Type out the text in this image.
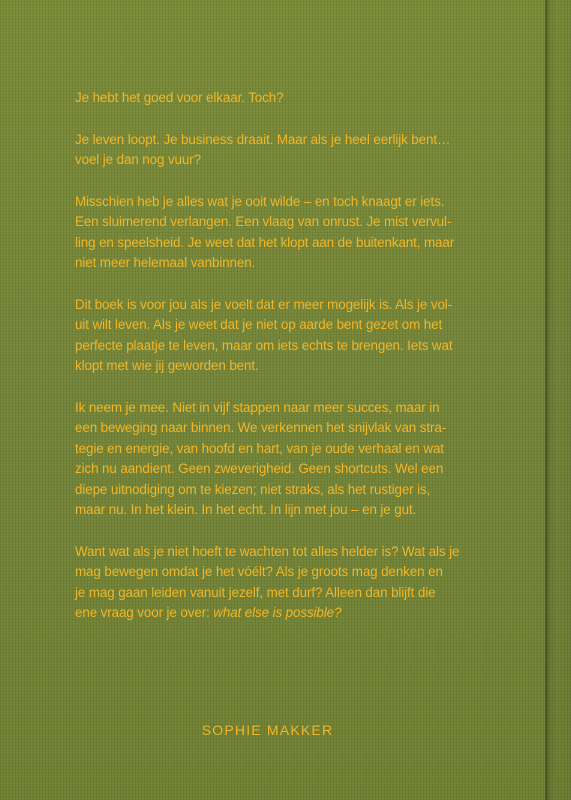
Je hebt het goed voor elkaar. Toch?

Je leven loopt. Je business draait. Maar als je heel eerlijk bent…
voel je dan nog vuur?

Misschien heb je alles wat je ooit wilde – en toch knaagt er iets.
Een sluimerend verlangen. Een vlaag van onrust. Je mist vervul-
ling en speelsheid. Je weet dat het klopt aan de buitenkant, maar
niet meer helemaal vanbinnen.

Dit boek is voor jou als je voelt dat er meer mogelijk is. Als je vol-
uit wilt leven. Als je weet dat je niet op aarde bent gezet om het
perfecte plaatje te leven, maar om iets echts te brengen. Iets wat
klopt met wie jij geworden bent.

Ik neem je mee. Niet in vijf stappen naar meer succes, maar in
een beweging naar binnen. We verkennen het snijvlak van stra-
tegie en energie, van hoofd en hart, van je oude verhaal en wat
zich nu aandient. Geen zweverigheid. Geen shortcuts. Wel een
diepe uitnodiging om te kiezen; niet straks, als het rustiger is,
maar nu. In het klein. In het echt. In lijn met jou – en je gut.

Want wat als je niet hoeft te wachten tot alles helder is? Wat als je
mag bewegen omdat je het vóélt? Als je groots mag denken en
je mag gaan leiden vanuit jezelf, met durf? Alleen dan blijft die
ene vraag voor je over: what else is possible?

SOPHIE MAKKER
